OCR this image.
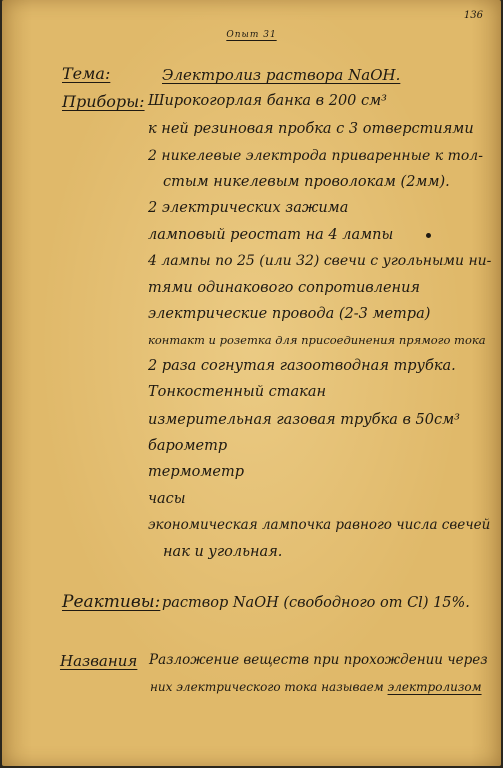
136
Опыт 31
Тема:	Электролиз раствора NaOH.
Приборы: Широкогорлая банка в 200 см³
к ней резиновая пробка с 3 отверстиями
2 никелевые электрода приваренные к тол-
стым никелевым проволокам (2мм).
2 электрических зажима
ламповый реостат на 4 лампы
4 лампы по 25 (или 32) свечи с угольными ни-
тями одинакового сопротивления
электрические провода (2-3 метра)
контакт и розетка для присоединения прямого тока
2 раза согнутая газоотводная трубка.
Тонкостенный стакан
измерительная газовая трубка в 50см³
барометр
термометр
часы
экономическая лампочка равного числа свечей
нак и угольная.
Реактивы: раствор NaOH (свободного от Cl) 15%.
Названия Разложение веществ при прохождении через
них электрического тока называем электролизом
